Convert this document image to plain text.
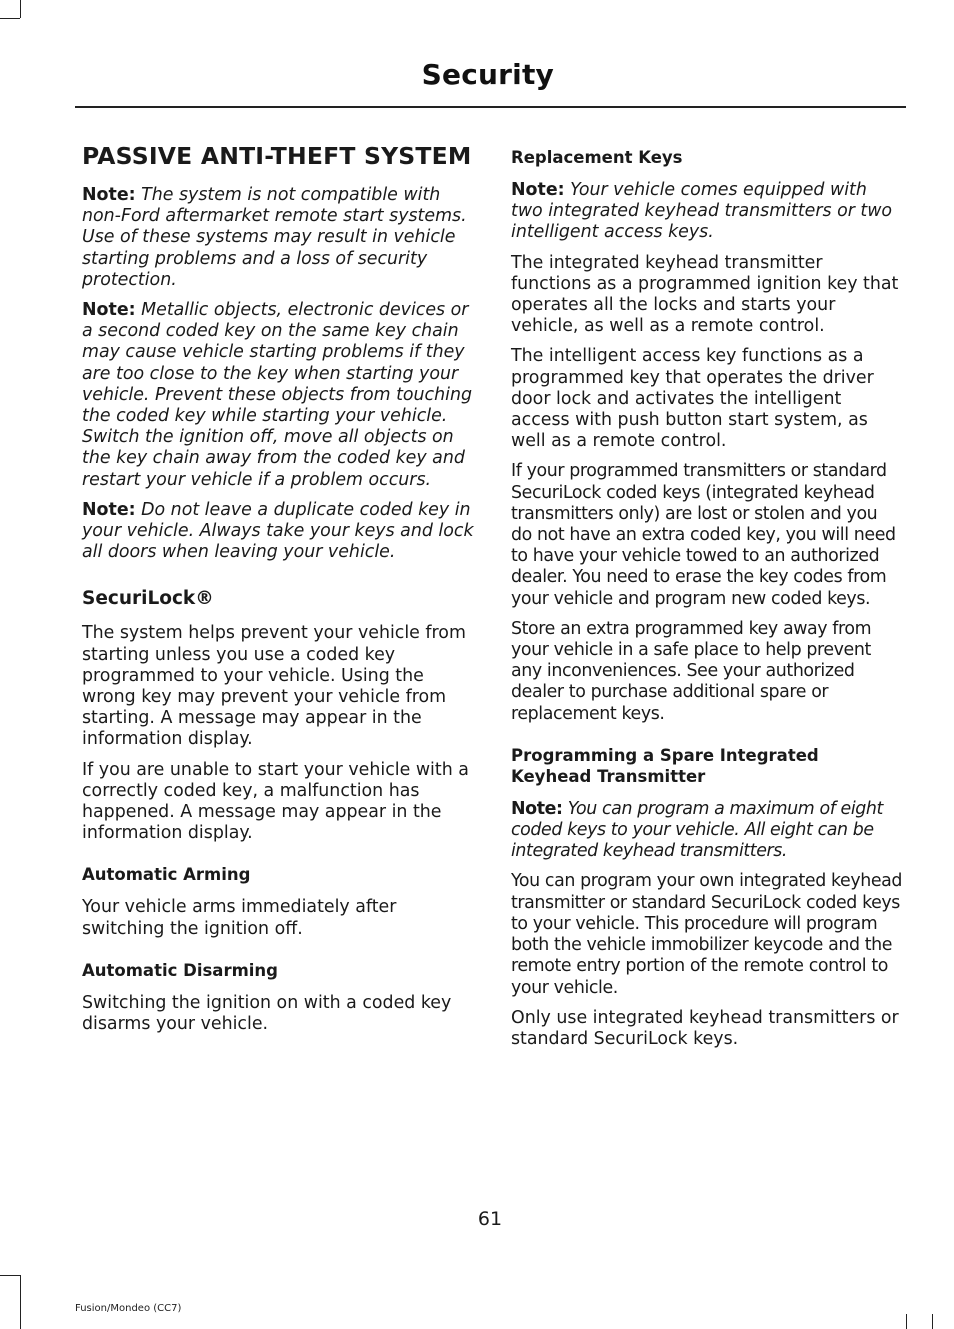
Security
PASSIVE ANTI-THEFT SYSTEM

Note: The system is not compatible with non-Ford aftermarket remote start systems. Use of these systems may result in vehicle starting problems and a loss of security protection.

Note: Metallic objects, electronic devices or a second coded key on the same key chain may cause vehicle starting problems if they are too close to the key when starting your vehicle. Prevent these objects from touching the coded key while starting your vehicle. Switch the ignition off, move all objects on the key chain away from the coded key and restart your vehicle if a problem occurs.

Note: Do not leave a duplicate coded key in your vehicle. Always take your keys and lock all doors when leaving your vehicle.

SecuriLock®

The system helps prevent your vehicle from starting unless you use a coded key programmed to your vehicle. Using the wrong key may prevent your vehicle from starting. A message may appear in the information display.

If you are unable to start your vehicle with a correctly coded key, a malfunction has happened. A message may appear in the information display.

Automatic Arming

Your vehicle arms immediately after switching the ignition off.

Automatic Disarming

Switching the ignition on with a coded key disarms your vehicle.

Replacement Keys

Note: Your vehicle comes equipped with two integrated keyhead transmitters or two intelligent access keys.

The integrated keyhead transmitter functions as a programmed ignition key that operates all the locks and starts your vehicle, as well as a remote control.

The intelligent access key functions as a programmed key that operates the driver door lock and activates the intelligent access with push button start system, as well as a remote control.

If your programmed transmitters or standard SecuriLock coded keys (integrated keyhead transmitters only) are lost or stolen and you do not have an extra coded key, you will need to have your vehicle towed to an authorized dealer. You need to erase the key codes from your vehicle and program new coded keys.

Store an extra programmed key away from your vehicle in a safe place to help prevent any inconveniences. See your authorized dealer to purchase additional spare or replacement keys.

Programming a Spare Integrated Keyhead Transmitter

Note: You can program a maximum of eight coded keys to your vehicle. All eight can be integrated keyhead transmitters.

You can program your own integrated keyhead transmitter or standard SecuriLock coded keys to your vehicle. This procedure will program both the vehicle immobilizer keycode and the remote entry portion of the remote control to your vehicle.

Only use integrated keyhead transmitters or standard SecuriLock keys.

61
Fusion/Mondeo (CC7)
